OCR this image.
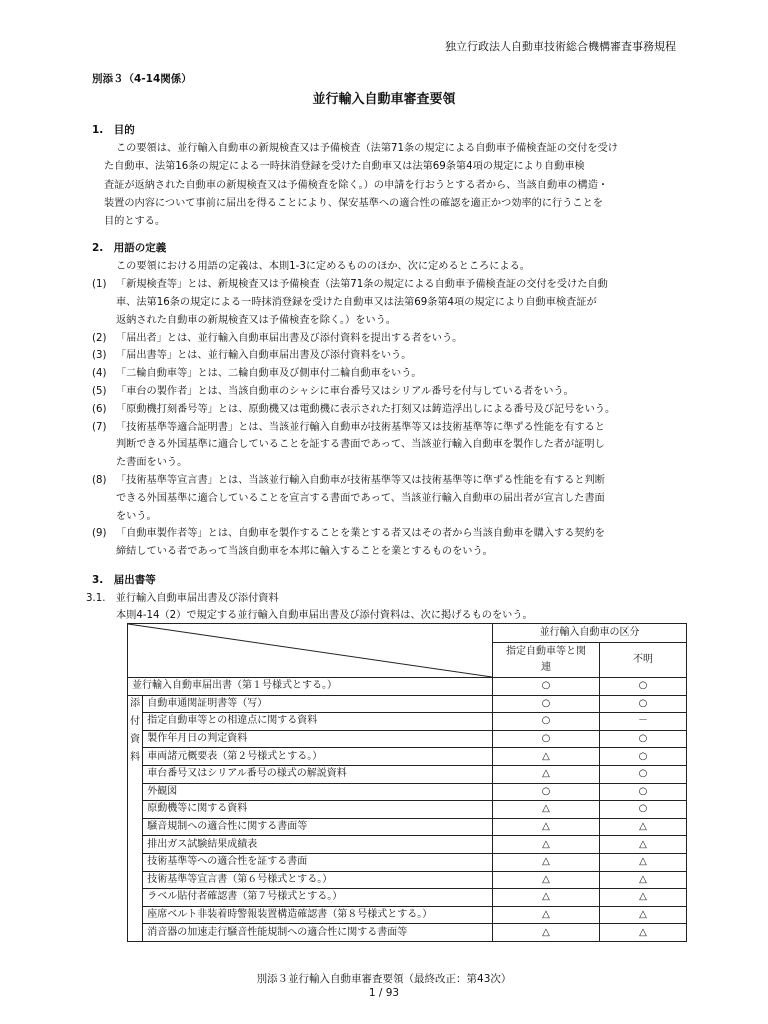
独立行政法人自動車技術総合機構審査事務規程
別添３（4-14関係）
並行輸入自動車審査要領
1.　目的
この要領は、並行輸入自動車の新規検査又は予備検査（法第71条の規定による自動車予備検査証の交付を受け
た自動車、法第16条の規定による一時抹消登録を受けた自動車又は法第69条第4項の規定により自動車検
査証が返納された自動車の新規検査又は予備検査を除く。）の申請を行おうとする者から、当該自動車の構造・
装置の内容について事前に届出を得ることにより、保安基準への適合性の確認を適正かつ効率的に行うことを
目的とする。
2.　用語の定義
この要領における用語の定義は、本則1-3に定めるもののほか、次に定めるところによる。
(1) 「新規検査等」とは、新規検査又は予備検査（法第71条の規定による自動車予備検査証の交付を受けた自動
車、法第16条の規定による一時抹消登録を受けた自動車又は法第69条第4項の規定により自動車検査証が
返納された自動車の新規検査又は予備検査を除く。）をいう。
(2) 「届出者」とは、並行輸入自動車届出書及び添付資料を提出する者をいう。
(3) 「届出書等」とは、並行輸入自動車届出書及び添付資料をいう。
(4) 「二輪自動車等」とは、二輪自動車及び側車付二輪自動車をいう。
(5) 「車台の製作者」とは、当該自動車のシャシに車台番号又はシリアル番号を付与している者をいう。
(6) 「原動機打刻番号等」とは、原動機又は電動機に表示された打刻又は鋳造浮出しによる番号及び記号をいう。
(7) 「技術基準等適合証明書」とは、当該並行輸入自動車が技術基準等又は技術基準等に準ずる性能を有すると
判断できる外国基準に適合していることを証する書面であって、当該並行輸入自動車を製作した者が証明し
た書面をいう。
(8) 「技術基準等宣言書」とは、当該並行輸入自動車が技術基準等又は技術基準等に準ずる性能を有すると判断
できる外国基準に適合していることを宣言する書面であって、当該並行輸入自動車の届出者が宣言した書面
をいう。
(9) 「自動車製作者等」とは、自動車を製作することを業とする者又はその者から当該自動車を購入する契約を
締結している者であって当該自動車を本邦に輸入することを業とするものをいう。
3.　届出書等
3.1.　並行輸入自動車届出書及び添付資料
本則4-14（2）で規定する並行輸入自動車届出書及び添付資料は、次に掲げるものをいう。
	並行輸入自動車の区分	
		指定自動車等と関連	不明
並行輸入自動車届出書（第１号様式とする。）		○	○

添
付
資
料	自動車通関証明書等（写）	○	○
	指定自動車等との相違点に関する資料	○	－
	製作年月日の判定資料	○	○
	車両諸元概要表（第２号様式とする。）	△	○
	車台番号又はシリアル番号の様式の解説資料	△	○
	外観図	○	○
	原動機等に関する資料	△	○
	騒音規制への適合性に関する書面等	△	△
	排出ガス試験結果成績表	△	△
	技術基準等への適合性を証する書面	△	△
	技術基準等宣言書（第６号様式とする。）	△	△
	ラベル貼付者確認書（第７号様式とする。）	△	△
	座席ベルト非装着時警報装置構造確認書（第８号様式とする。）	△	△
	消音器の加速走行騒音性能規制への適合性に関する書面等	△	△
別添３並行輸入自動車審査要領（最終改正：第43次）
1 / 93
